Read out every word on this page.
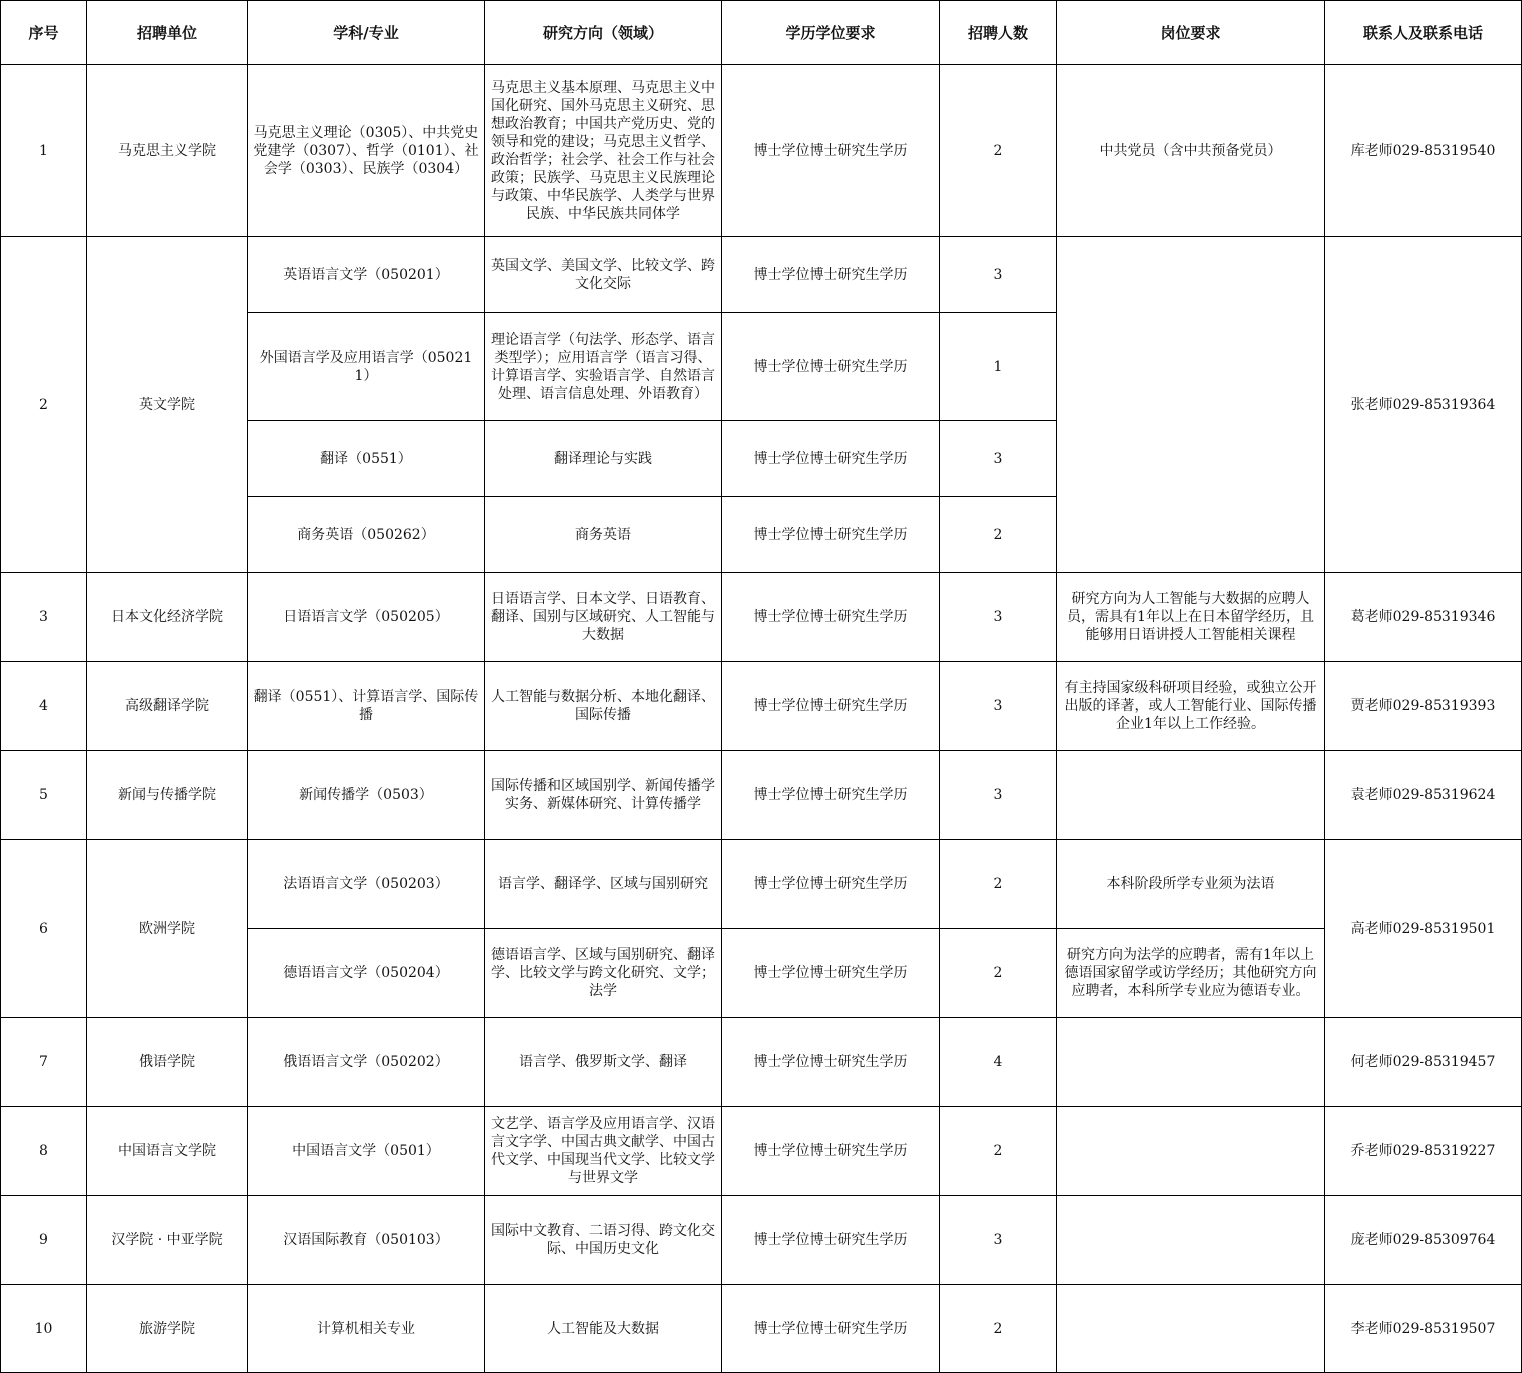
序号	招聘单位	学科/专业	研究方向（领域）	学历学位要求	招聘人数	岗位要求	联系人及联系电话
1	马克思主义学院	马克思主义理论（0305）、中共党史党建学（0307）、哲学（0101）、社会学（0303）、民族学（0304）	马克思主义基本原理、马克思主义中国化研究、国外马克思主义研究、思想政治教育；中国共产党历史、党的领导和党的建设；马克思主义哲学、政治哲学；社会学、社会工作与社会政策；民族学、马克思主义民族理论与政策、中华民族学、人类学与世界民族、中华民族共同体学	博士学位博士研究生学历	2	中共党员（含中共预备党员）	库老师029-85319540
2	英文学院	英语语言文学（050201）	英国文学、美国文学、比较文学、跨文化交际	博士学位博士研究生学历	3		张老师029-85319364
		外国语言学及应用语言学（050211）	理论语言学（句法学、形态学、语言类型学）；应用语言学（语言习得、计算语言学、实验语言学、自然语言处理、语言信息处理、外语教育）	博士学位博士研究生学历	1		
		翻译（0551）	翻译理论与实践	博士学位博士研究生学历	3		
		商务英语（050262）	商务英语	博士学位博士研究生学历	2		
3	日本文化经济学院	日语语言文学（050205）	日语语言学、日本文学、日语教育、翻译、国别与区域研究、人工智能与大数据	博士学位博士研究生学历	3	研究方向为人工智能与大数据的应聘人员，需具有1年以上在日本留学经历，且能够用日语讲授人工智能相关课程	葛老师029-85319346
4	高级翻译学院	翻译（0551）、计算语言学、国际传播	人工智能与数据分析、本地化翻译、国际传播	博士学位博士研究生学历	3	有主持国家级科研项目经验，或独立公开出版的译著，或人工智能行业、国际传播企业1年以上工作经验。	贾老师029-85319393
5	新闻与传播学院	新闻传播学（0503）	国际传播和区域国别学、新闻传播学实务、新媒体研究、计算传播学	博士学位博士研究生学历	3		袁老师029-85319624
6	欧洲学院	法语语言文学（050203）	语言学、翻译学、区域与国别研究	博士学位博士研究生学历	2	本科阶段所学专业须为法语	高老师029-85319501
		德语语言文学（050204）	德语语言学、区域与国别研究、翻译学、比较文学与跨文化研究、文学；法学	博士学位博士研究生学历	2	研究方向为法学的应聘者，需有1年以上德语国家留学或访学经历；其他研究方向应聘者，本科所学专业应为德语专业。	
7	俄语学院	俄语语言文学（050202）	语言学、俄罗斯文学、翻译	博士学位博士研究生学历	4		何老师029-85319457
8	中国语言文学院	中国语言文学（0501）	文艺学、语言学及应用语言学、汉语言文字学、中国古典文献学、中国古代文学、中国现当代文学、比较文学与世界文学	博士学位博士研究生学历	2		乔老师029-85319227
9	汉学院 · 中亚学院	汉语国际教育（050103）	国际中文教育、二语习得、跨文化交际、中国历史文化	博士学位博士研究生学历	3		庞老师029-85309764
10	旅游学院	计算机相关专业	人工智能及大数据	博士学位博士研究生学历	2		李老师029-85319507
